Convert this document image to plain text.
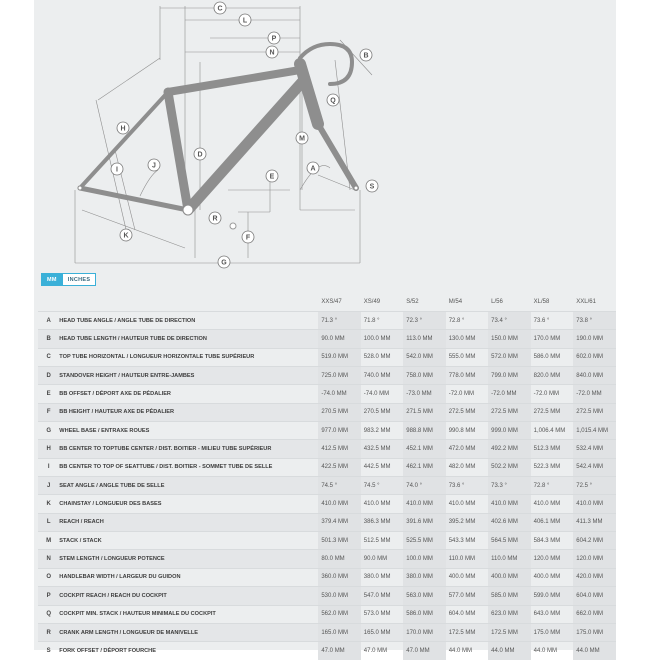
C
L
B
P
N
H
Q
M
D
J
I
E
A
S
K
R
F
G
MM	INCHES
		XXS/47	XS/49	S/52	M/54	L/56	XL/58	XXL/61
A	HEAD TUBE ANGLE / ANGLE TUBE DE DIRECTION	71.3 °	71.8 °	72.3 °	72.8 °	73.4 °	73.6 °	73.8 °
B	HEAD TUBE LENGTH / HAUTEUR TUBE DE DIRECTION	90.0 MM	100.0 MM	113.0 MM	130.0 MM	150.0 MM	170.0 MM	190.0 MM
C	TOP TUBE HORIZONTAL / LONGUEUR HORIZONTALE TUBE SUPÉRIEUR	519.0 MM	528.0 MM	542.0 MM	555.0 MM	572.0 MM	586.0 MM	602.0 MM
D	STANDOVER HEIGHT / HAUTEUR ENTRE-JAMBES	725.0 MM	740.0 MM	758.0 MM	778.0 MM	799.0 MM	820.0 MM	840.0 MM
E	BB OFFSET / DÉPORT AXE DE PÉDALIER	-74.0 MM	-74.0 MM	-73.0 MM	-72.0 MM	-72.0 MM	-72.0 MM	-72.0 MM
F	BB HEIGHT / HAUTEUR AXE DE PÉDALIER	270.5 MM	270.5 MM	271.5 MM	272.5 MM	272.5 MM	272.5 MM	272.5 MM
G	WHEEL BASE / ENTRAXE ROUES	977.0 MM	983.2 MM	988.8 MM	990.8 MM	999.0 MM	1,006.4 MM	1,015.4 MM
H	BB CENTER TO TOPTUBE CENTER / DIST. BOITIER - MILIEU TUBE SUPÉRIEUR	412.5 MM	432.5 MM	452.1 MM	472.0 MM	492.2 MM	512.3 MM	532.4 MM
I	BB CENTER TO TOP OF SEATTUBE / DIST. BOITIER - SOMMET TUBE DE SELLE	422.5 MM	442.5 MM	462.1 MM	482.0 MM	502.2 MM	522.3 MM	542.4 MM
J	SEAT ANGLE / ANGLE TUBE DE SELLE	74.5 °	74.5 °	74.0 °	73.6 °	73.3 °	72.8 °	72.5 °
K	CHAINSTAY / LONGUEUR DES BASES	410.0 MM	410.0 MM	410.0 MM	410.0 MM	410.0 MM	410.0 MM	410.0 MM
L	REACH / REACH	379.4 MM	386.3 MM	391.6 MM	395.2 MM	402.6 MM	406.1 MM	411.3 MM
M	STACK / STACK	501.3 MM	512.5 MM	525.5 MM	543.3 MM	564.5 MM	584.3 MM	604.2 MM
N	STEM LENGTH / LONGUEUR POTENCE	80.0 MM	90.0 MM	100.0 MM	110.0 MM	110.0 MM	120.0 MM	120.0 MM
O	HANDLEBAR WIDTH / LARGEUR DU GUIDON	360.0 MM	380.0 MM	380.0 MM	400.0 MM	400.0 MM	400.0 MM	420.0 MM
P	COCKPIT REACH / REACH DU COCKPIT	530.0 MM	547.0 MM	563.0 MM	577.0 MM	585.0 MM	599.0 MM	604.0 MM
Q	COCKPIT MIN. STACK / HAUTEUR MINIMALE DU COCKPIT	562.0 MM	573.0 MM	586.0 MM	604.0 MM	623.0 MM	643.0 MM	662.0 MM
R	CRANK ARM LENGTH / LONGUEUR DE MANIVELLE	165.0 MM	165.0 MM	170.0 MM	172.5 MM	172.5 MM	175.0 MM	175.0 MM
S	FORK OFFSET / DÉPORT FOURCHE	47.0 MM	47.0 MM	47.0 MM	44.0 MM	44.0 MM	44.0 MM	44.0 MM
